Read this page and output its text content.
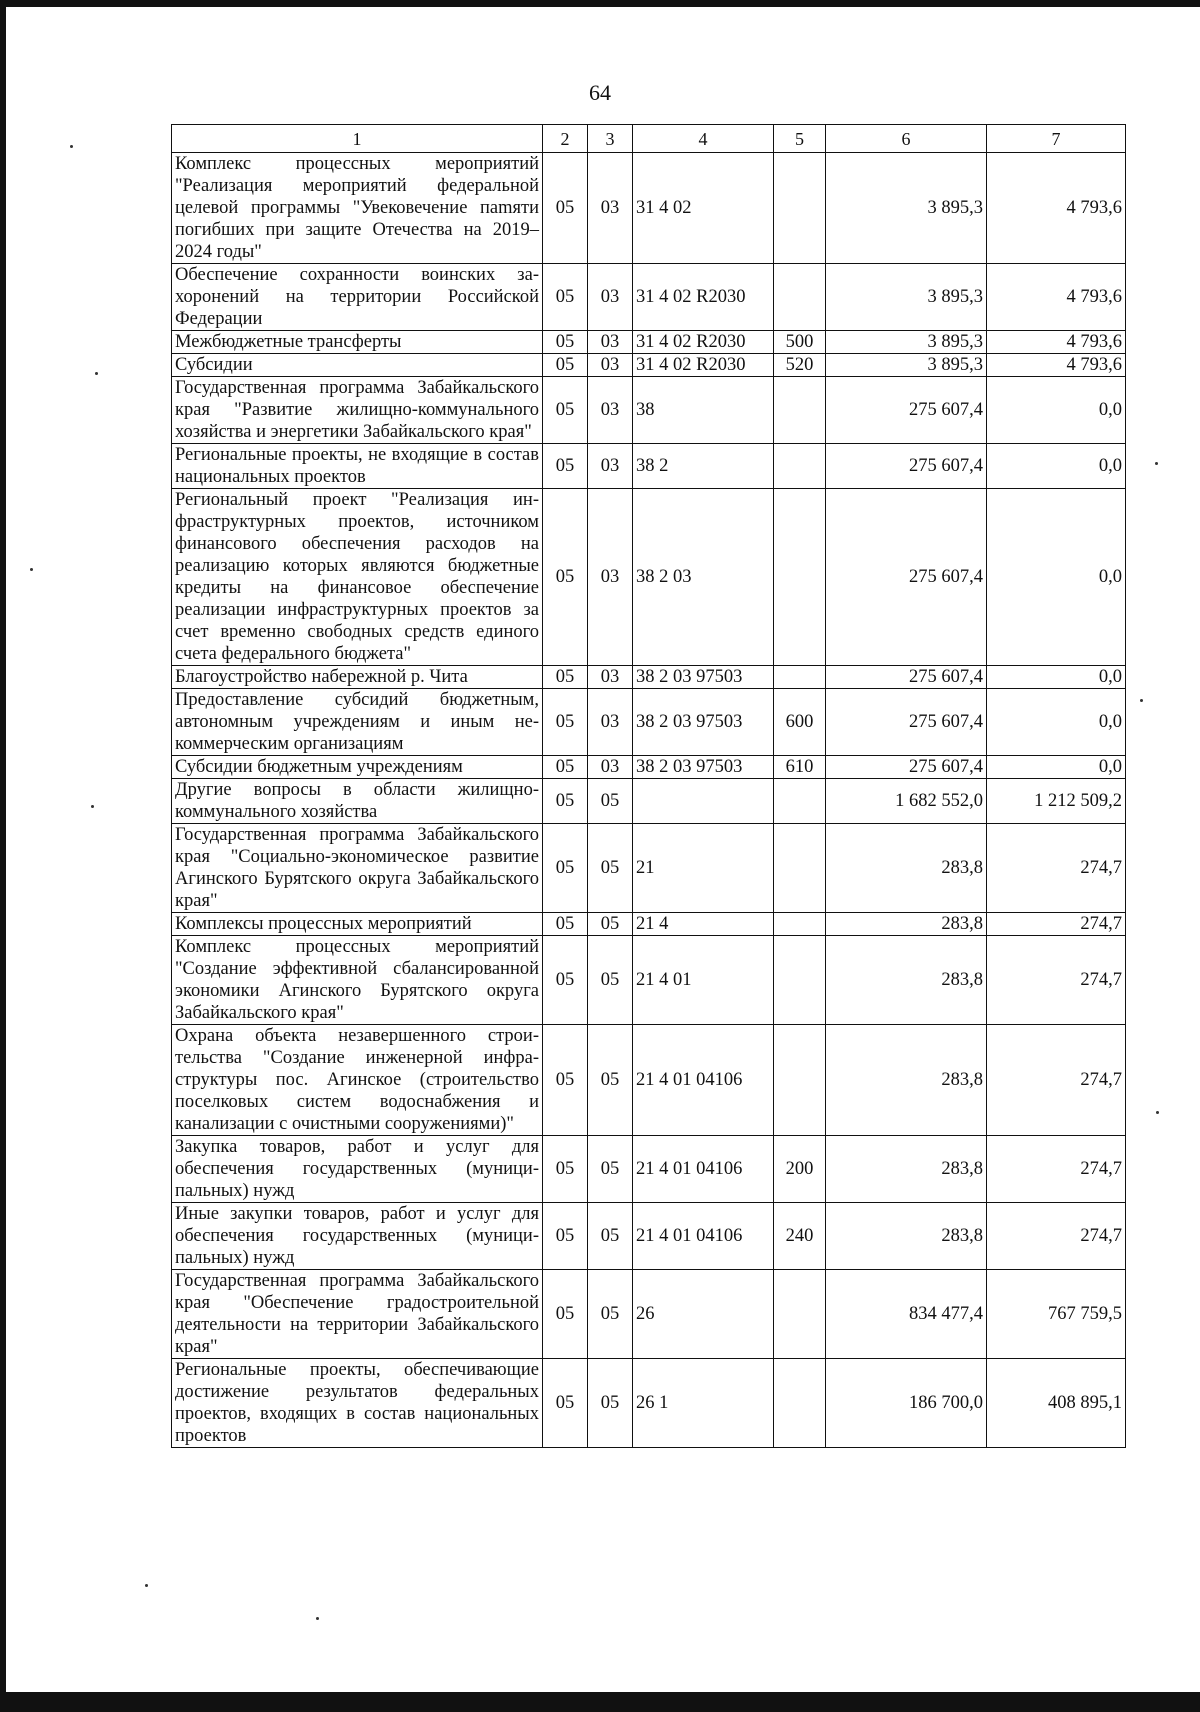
64
1	2	3	4	5	6	7
Комплекс процессных мероприятий "Реализация мероприятий федеральной целевой программы "Увековечение паmяти погибших при защите Отечества на 2019–2024 годы"	05	03	31 4 02		3 895,3	4 793,6
Обеспечение сохранности воинских захоронений на территории Российской Федерации	05	03	31 4 02 R2030		3 895,3	4 793,6
Межбюджетные трансферты	05	03	31 4 02 R2030	500	3 895,3	4 793,6
Субсидии	05	03	31 4 02 R2030	520	3 895,3	4 793,6
Государственная программа Забайкальского края "Развитие жилищно-коммунального хозяйства и энергетики Забайкальского края"	05	03	38		275 607,4	0,0
Региональные проекты, не входящие в состав национальных проектов	05	03	38 2		275 607,4	0,0
Региональный проект "Реализация инфраструктурных проектов, источником финансового обеспечения расходов на реализацию которых являются бюджетные кредиты на финансовое обеспечение реализации инфраструктурных проектов за счет временно свободных средств единого счета федерального бюджета"	05	03	38 2 03		275 607,4	0,0
Благоустройство набережной р. Чита	05	03	38 2 03 97503		275 607,4	0,0
Предоставление субсидий бюджетным, автономным учреждениям и иным некоммерческим организациям	05	03	38 2 03 97503	600	275 607,4	0,0
Субсидии бюджетным учреждениям	05	03	38 2 03 97503	610	275 607,4	0,0
Другие вопросы в области жилищно-коммунального хозяйства	05	05			1 682 552,0	1 212 509,2
Государственная программа Забайкальского края "Социально-экономическое развитие Агинского Бурятского округа Забайкальского края"	05	05	21		283,8	274,7
Комплексы процессных мероприятий	05	05	21 4		283,8	274,7
Комплекс процессных мероприятий "Создание эффективной сбалансированной экономики Агинского Бурятского округа Забайкальского края"	05	05	21 4 01		283,8	274,7
Охрана объекта незавершенного строительства "Создание инженерной инфраструктуры пос. Агинское (строительство поселковых систем водоснабжения и канализации с очистными сооружениями)"	05	05	21 4 01 04106		283,8	274,7
Закупка товаров, работ и услуг для обеспечения государственных (муниципальных) нужд	05	05	21 4 01 04106	200	283,8	274,7
Иные закупки товаров, работ и услуг для обеспечения государственных (муниципальных) нужд	05	05	21 4 01 04106	240	283,8	274,7
Государственная программа Забайкальского края "Обеспечение градостроительной деятельности на территории Забайкальского края"	05	05	26		834 477,4	767 759,5
Региональные проекты, обеспечивающие достижение результатов федеральных проектов, входящих в состав национальных проектов	05	05	26 1		186 700,0	408 895,1
